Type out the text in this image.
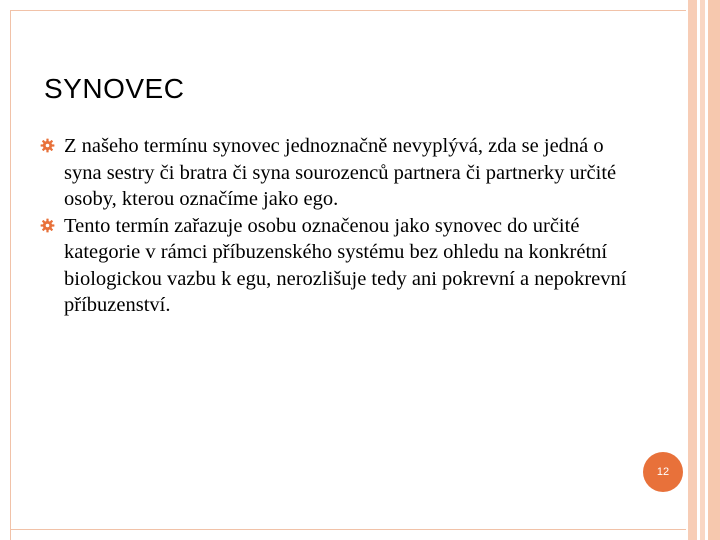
SYNOVEC
Z našeho termínu synovec jednoznačně nevyplývá, zda se jedná o syna sestry či bratra či syna sourozenců partnera či partnerky určité osoby, kterou označíme jako ego.
Tento termín zařazuje osobu označenou jako synovec do určité kategorie v rámci příbuzenského systému bez ohledu na konkrétní biologickou vazbu k egu, nerozlišuje tedy ani pokrevní a nepokrevní příbuzenství.
12
